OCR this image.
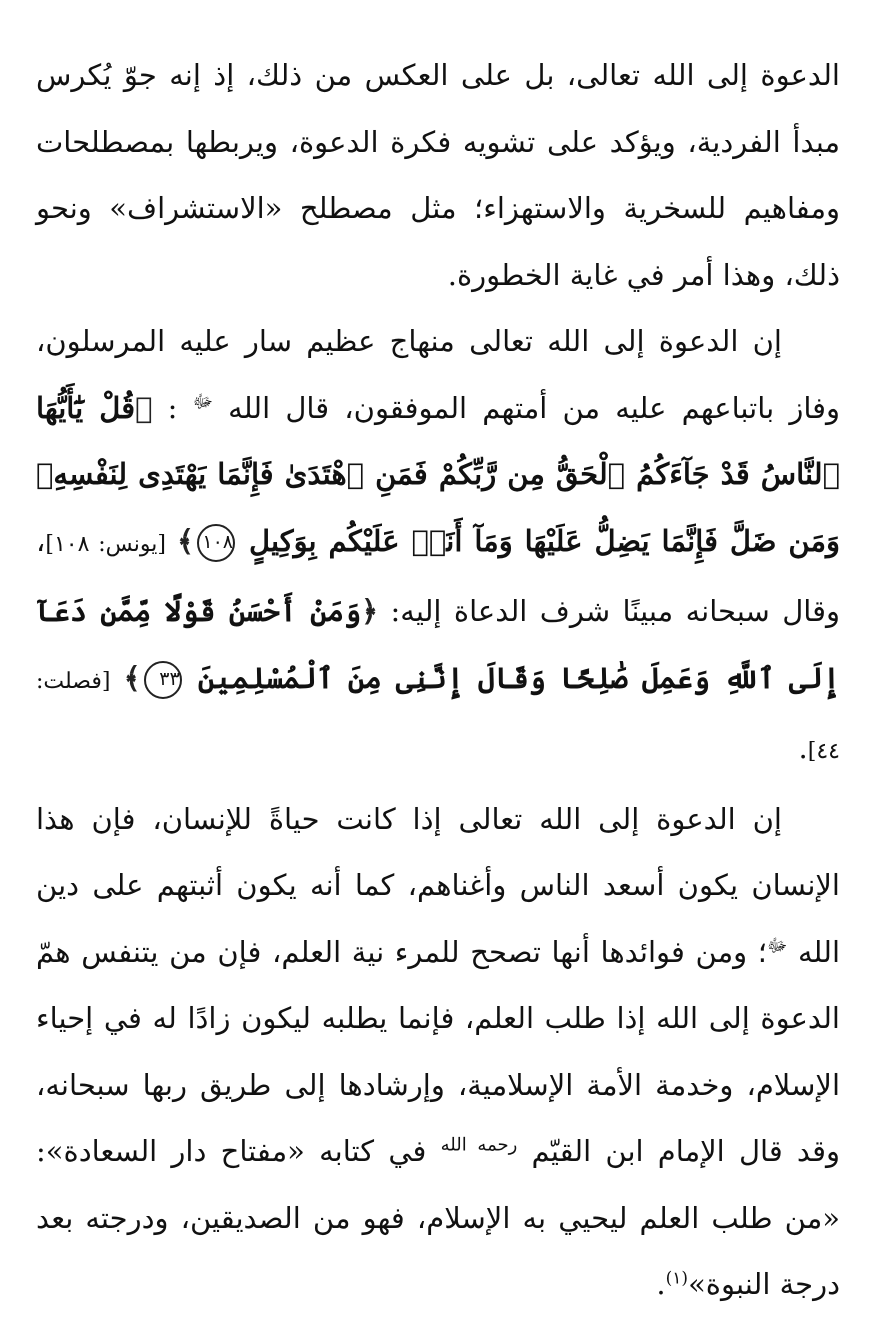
الدعوة إلى الله تعالى، بل على العكس من ذلك، إذ إنه جوّ يُكرس مبدأ الفردية، ويؤكد على تشويه فكرة الدعوة، ويربطها بمصطلحات ومفاهيم للسخرية والاستهزاء؛ مثل مصطلح «الاستشراف» ونحو ذلك، وهذا أمر في غاية الخطورة.

إن الدعوة إلى الله تعالى منهاج عظيم سار عليه المرسلون، وفاز باتباعهم عليه من أمتهم الموفقون، قال الله $^ﷻ$ : ﴿قُلْ يَٰٓأَيُّهَا ٱلنَّاسُ قَدْ جَآءَكُمُ ٱلْحَقُّ مِن رَّبِّكُمْ فَمَنِ ٱهْتَدَىٰ فَإِنَّمَا يَهْتَدِى لِنَفْسِهِۦ وَمَن ضَلَّ فَإِنَّمَا يَضِلُّ عَلَيْهَا وَمَآ أَنَا۠ عَلَيْكُم بِوَكِيلٍ ١٠٨﴾ [يونس: ١٠٨]، وقال سبحانه مبينًا شرف الدعاة إليه: ﴿وَمَنْ أَحْسَنُ قَوْلًا مِّمَّن دَعَآ إِلَى ٱللَّهِ وَعَمِلَ صَٰلِحًا وَقَالَ إِنَّنِى مِنَ ٱلْمُسْلِمِينَ ٣٣﴾ [فصلت: ٤٤].

إن الدعوة إلى الله تعالى إذا كانت حياةً للإنسان، فإن هذا الإنسان يكون أسعد الناس وأغناهم، كما أنه يكون أثبتهم على دين الله $^ﷻ$؛ ومن فوائدها أنها تصحح للمرء نية العلم، فإن من يتنفس همّ الدعوة إلى الله إذا طلب العلم، فإنما يطلبه ليكون زادًا له في إحياء الإسلام، وخدمة الأمة الإسلامية، وإرشادها إلى طريق ربها سبحانه، وقد قال الإمام ابن القيّم $^{رحمه الله}$ في كتابه «مفتاح دار السعادة»: «من طلب العلم ليحيي به الإسلام، فهو من الصديقين، ودرجته بعد درجة النبوة»$^{(١)}$.
